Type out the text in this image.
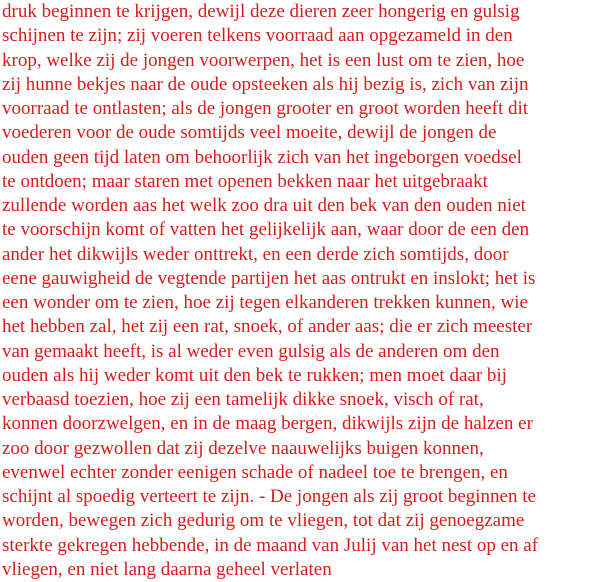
druk beginnen te krijgen, dewijl deze dieren zeer hongerig en gulsig
schijnen te zijn; zij voeren telkens voorraad aan opgezameld in den
krop, welke zij de jongen voorwerpen, het is een lust om te zien, hoe
zij hunne bekjes naar de oude opsteeken als hij bezig is, zich van zijn
voorraad te ontlasten; als de jongen grooter en groot worden heeft dit
voederen voor de oude somtijds veel moeite, dewijl de jongen de
ouden geen tijd laten om behoorlijk zich van het ingeborgen voedsel
te ontdoen; maar staren met openen bekken naar het uitgebraakt
zullende worden aas het welk zoo dra uit den bek van den ouden niet
te voorschijn komt of vatten het gelijkelijk aan, waar door de een den
ander het dikwijls weder onttrekt, en een derde zich somtijds, door
eene gauwigheid de vegtende partijen het aas ontrukt en inslokt; het is
een wonder om te zien, hoe zij tegen elkanderen trekken kunnen, wie
het hebben zal, het zij een rat, snoek, of ander aas; die er zich meester
van gemaakt heeft, is al weder even gulsig als de anderen om den
ouden als hij weder komt uit den bek te rukken; men moet daar bij
verbaasd toezien, hoe zij een tamelijk dikke snoek, visch of rat,
konnen doorzwelgen, en in de maag bergen, dikwijls zijn de halzen er
zoo door gezwollen dat zij dezelve naauwelijks buigen konnen,
evenwel echter zonder eenigen schade of nadeel toe te brengen, en
schijnt al spoedig verteert te zijn. - De jongen als zij groot beginnen te
worden, bewegen zich gedurig om te vliegen, tot dat zij genoegzame
sterkte gekregen hebbende, in de maand van Julij van het nest op en af
vliegen, en niet lang daarna geheel verlaten
